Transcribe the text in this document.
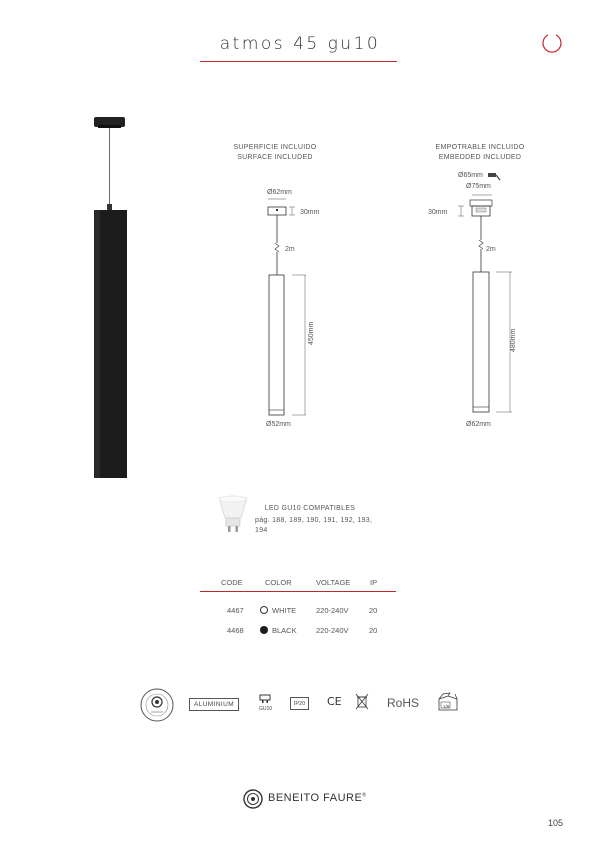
atmos 45 gu10
SUPERFICIE INCLUIDO
SURFACE INCLUDED
Ø62mm
30mm
2m
450mm
Ø52mm
EMPOTRABLE INCLUIDO
EMBEDDED INCLUDED
Ø65mm
Ø75mm
30mm
2m
480mm
Ø62mm
LED GU10 COMPATIBLES
pág. 188, 189, 190, 191, 192, 193, 194
CODE	COLOR	VOLTAGE	IP
4467	WHITE	220-240V	20
4468	BLACK	220-240V	20
ALUMINIUM
GU10
IP20 CE	RoHS	1/8
BENEITO FAURE®
105
